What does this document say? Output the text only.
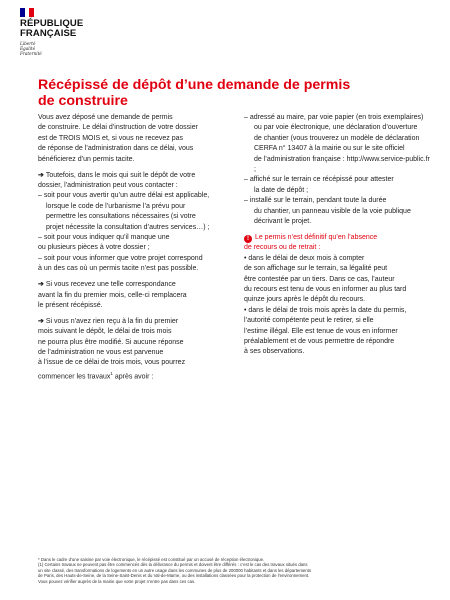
RÉPUBLIQUE
FRANÇAISE
Liberté
Égalité
Fraternité
Récépissé de dépôt d’une demande de permis
de construire

Vous avez déposé une demande de permis

de construire. Le délai d’instruction de votre dossier

est de TROIS MOIS et, si vous ne recevez pas

de réponse de l’administration dans ce délai, vous

bénéficierez d’un permis tacite.

➔ Toutefois, dans le mois qui suit le dépôt de votre

dossier, l’administration peut vous contacter :

– soit pour vous avertir qu’un autre délai est applicable,

lorsque le code de l’urbanisme l’a prévu pour

permettre les consultations nécessaires (si votre

projet nécessite la consultation d’autres services…) ;

– soit pour vous indiquer qu’il manque une

ou plusieurs pièces à votre dossier ;

– soit pour vous informer que votre projet correspond

à un des cas où un permis tacite n’est pas possible.

➔ Si vous recevez une telle correspondance

avant la fin du premier mois, celle-ci remplacera

le présent récépissé.

➔ Si vous n’avez rien reçu à la fin du premier

mois suivant le dépôt, le délai de trois mois

ne pourra plus être modifié. Si aucune réponse

de l’administration ne vous est parvenue

à l’issue de ce délai de trois mois, vous pourrez

commencer les travaux$^1$ après avoir :

– adressé au maire, par voie papier (en trois exemplaires)

ou par voie électronique, une déclaration d’ouverture

de chantier (vous trouverez un modèle de déclaration

CERFA n° 13407 à la mairie ou sur le site officiel

de l’administration française : http://www.service-public.fr ;

– affiché sur le terrain ce récépissé pour attester

la date de dépôt ;

– installé sur le terrain, pendant toute la durée

du chantier, un panneau visible de la voie publique

décrivant le projet.

! Le permis n’est définitif qu’en l’absence

de recours ou de retrait :

• dans le délai de deux mois à compter

de son affichage sur le terrain, sa légalité peut

être contestée par un tiers. Dans ce cas, l’auteur

du recours est tenu de vous en informer au plus tard

quinze jours après le dépôt du recours.

• dans le délai de trois mois après la date du permis,

l’autorité compétente peut le retirer, si elle

l’estime illégal. Elle est tenue de vous en informer

préalablement et de vous permettre de répondre

à ses observations.

* Dans le cadre d’une saisine par voie électronique, le récépissé est constitué par un accusé de réception électronique.

(1) Certains travaux ne peuvent pas être commencés dès la délivrance du permis et doivent être différés : c’est le cas des travaux situés dans

un site classé, des transformations de logements en un autre usage dans les communes de plus de 200000 habitants et dans les départements

de Paris, des Hauts-de-Seine, de la Seine-Saint-Denis et du Val-de-Marne, ou des installations classées pour la protection de l’environnement.

Vous pouvez vérifier auprès de la mairie que votre projet n’entre pas dans ces cas.
